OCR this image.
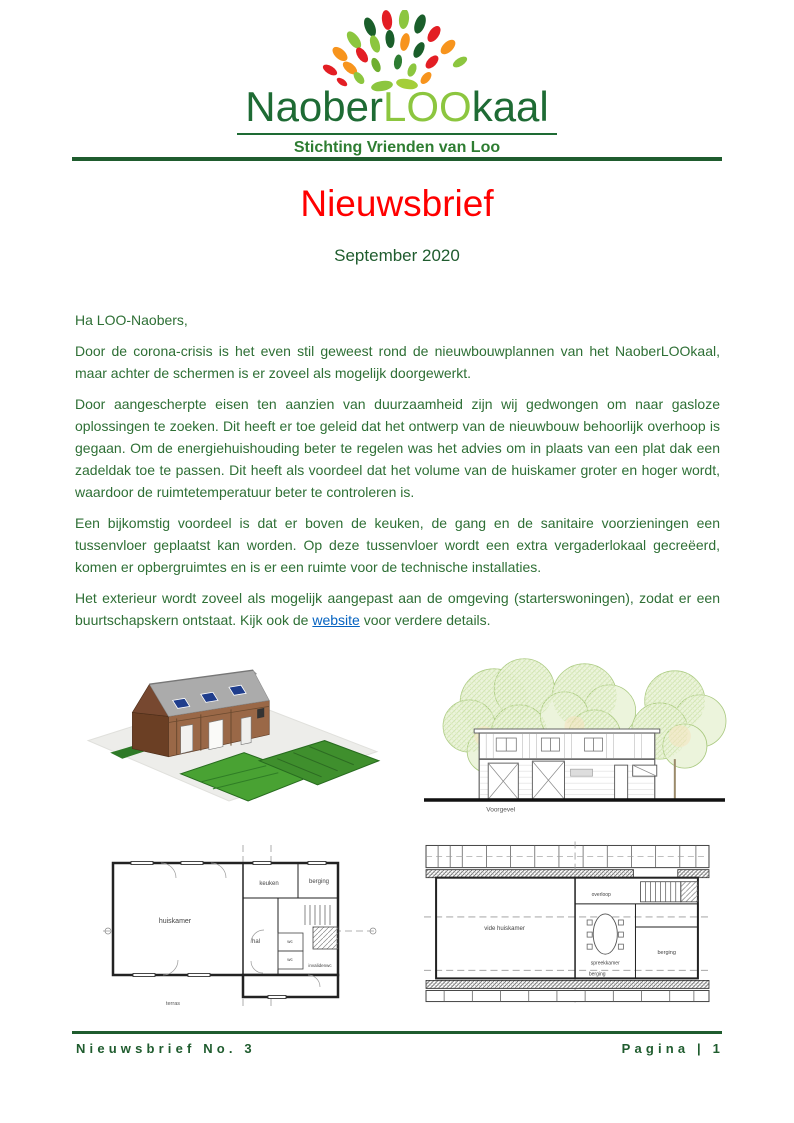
NaoberLOOkaal
Stichting Vrienden van Loo
Nieuwsbrief
September 2020

Ha LOO-Naobers,

Door de corona-crisis is het even stil geweest rond de nieuwbouwplannen van het NaoberLOOkaal, maar achter de schermen is er zoveel als mogelijk doorgewerkt.

Door aangescherpte eisen ten aanzien van duurzaamheid zijn wij gedwongen om naar gasloze oplossingen te zoeken. Dit heeft er toe geleid dat het ontwerp van de nieuwbouw behoorlijk overhoop is gegaan. Om de energiehuishouding beter te regelen was het advies om in plaats van een plat dak een zadeldak toe te passen. Dit heeft als voordeel dat het volume van de huiskamer groter en hoger wordt, waardoor de ruimtetemperatuur beter te controleren is.

Een bijkomstig voordeel is dat er boven de keuken, de gang en de sanitaire voorzieningen een tussenvloer geplaatst kan worden. Op deze tussenvloer wordt een extra vergaderlokaal gecreëerd, komen er opbergruimtes en is er een ruimte voor de technische installaties.

Het exterieur wordt zoveel als mogelijk aangepast aan de omgeving (starterswoningen), zodat er een buurtschapskern ontstaat. Kijk ook de website voor verdere details.

Voorgevel
huiskamer
keuken	berging
hal	wc
wc
invalidenwc
terras
vide huiskamer
overloop
spreekkamer
berging
berging
Nieuwsbrief No. 3	Pagina | 1
